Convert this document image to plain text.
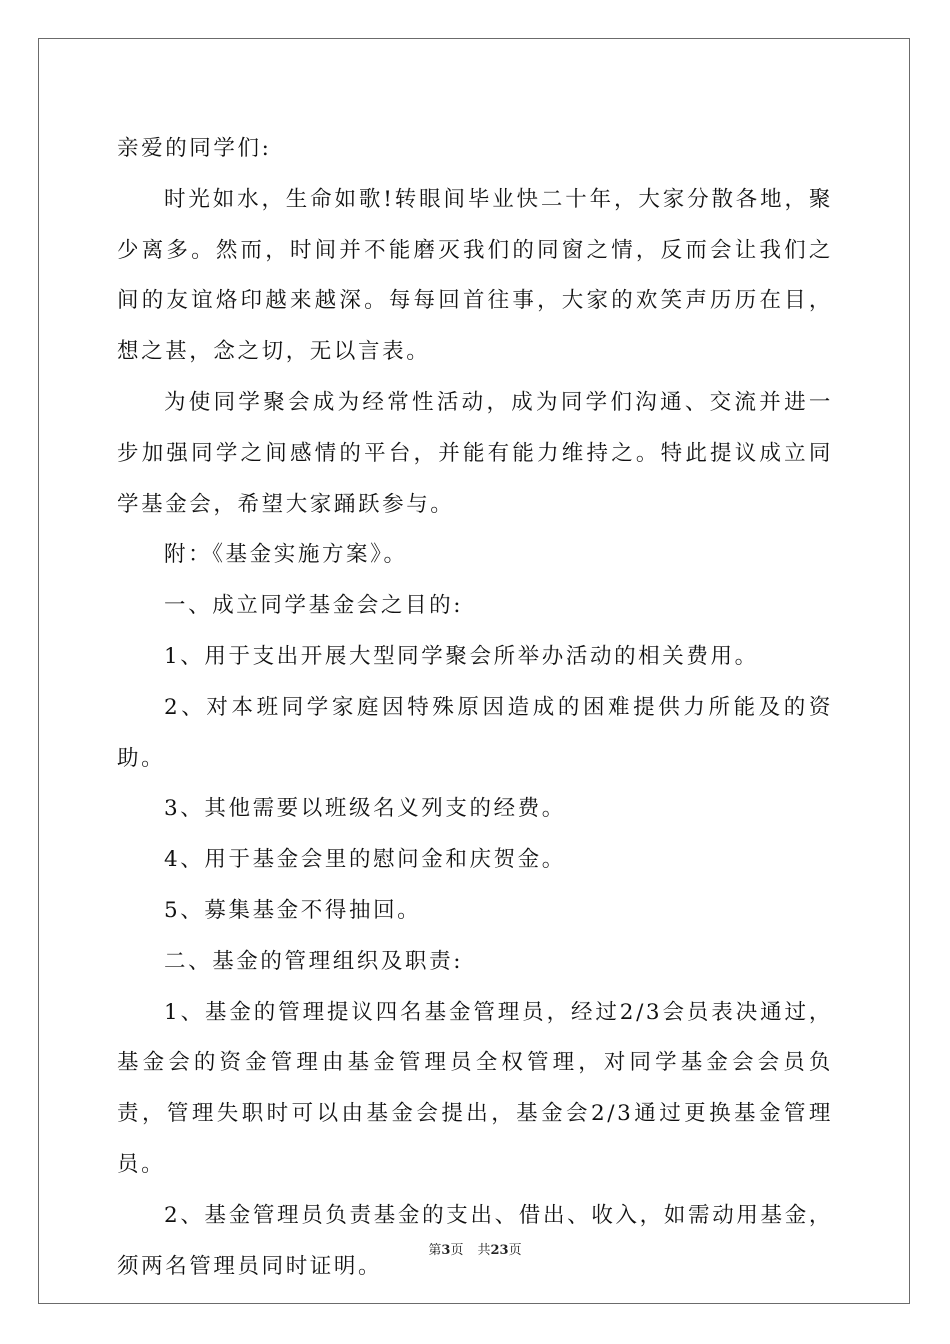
亲爱的同学们:

时光如水，生命如歌!转眼间毕业快二十年，大家分散各地，聚少离多。然而，时间并不能磨灭我们的同窗之情，反而会让我们之间的友谊烙印越来越深。每每回首往事，大家的欢笑声历历在目，想之甚，念之切，无以言表。

为使同学聚会成为经常性活动，成为同学们沟通、交流并进一步加强同学之间感情的平台，并能有能力维持之。特此提议成立同学基金会，希望大家踊跃参与。

附：《基金实施方案》。

一、成立同学基金会之目的:

1、用于支出开展大型同学聚会所举办活动的相关费用。

2、对本班同学家庭因特殊原因造成的困难提供力所能及的资助。

3、其他需要以班级名义列支的经费。

4、用于基金会里的慰问金和庆贺金。

5、募集基金不得抽回。

二、基金的管理组织及职责:

1、基金的管理提议四名基金管理员，经过2/3会员表决通过，基金会的资金管理由基金管理员全权管理，对同学基金会会员负责，管理失职时可以由基金会提出，基金会2/3通过更换基金管理员。

2、基金管理员负责基金的支出、借出、收入，如需动用基金，须两名管理员同时证明。

第3页 共23页
